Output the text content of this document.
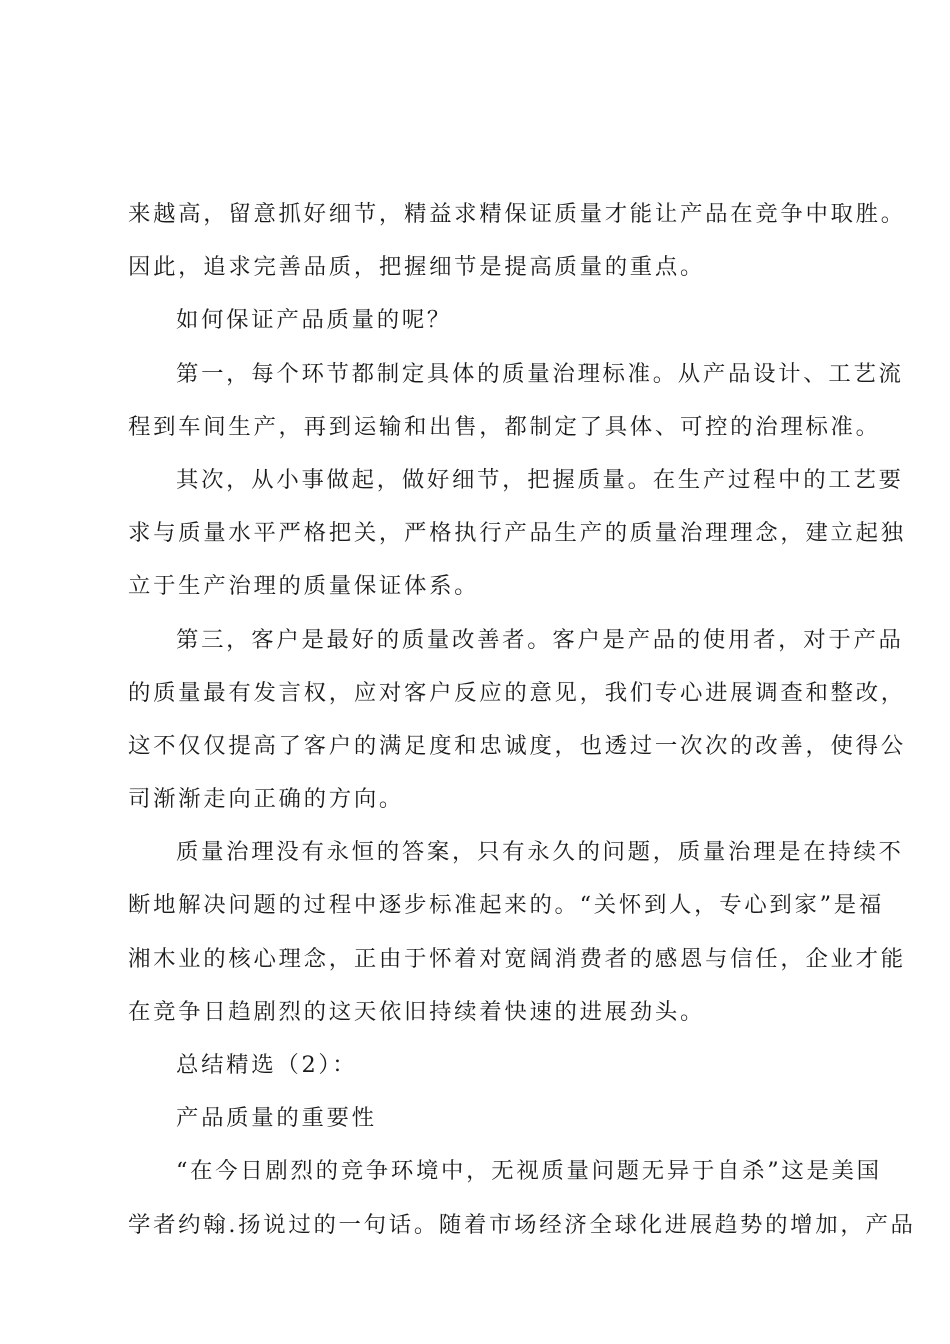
来越高，留意抓好细节，精益求精保证质量才能让产品在竞争中取胜。
因此，追求完善品质，把握细节是提高质量的重点。
如何保证产品质量的呢？
第一，每个环节都制定具体的质量治理标准。从产品设计、工艺流
程到车间生产，再到运输和出售，都制定了具体、可控的治理标准。
其次，从小事做起，做好细节，把握质量。在生产过程中的工艺要
求与质量水平严格把关，严格执行产品生产的质量治理理念，建立起独
立于生产治理的质量保证体系。
第三，客户是最好的质量改善者。客户是产品的使用者，对于产品
的质量最有发言权，应对客户反应的意见，我们专心进展调查和整改，
这不仅仅提高了客户的满足度和忠诚度，也透过一次次的改善，使得公
司渐渐走向正确的方向。
质量治理没有永恒的答案，只有永久的问题，质量治理是在持续不
断地解决问题的过程中逐步标准起来的。“关怀到人，专心到家”是福
湘木业的核心理念，正由于怀着对宽阔消费者的感恩与信任，企业才能
在竞争日趋剧烈的这天依旧持续着快速的进展劲头。
总结精选（2）：
产品质量的重要性
“在今日剧烈的竞争环境中，无视质量问题无异于自杀”这是美国
学者约翰.扬说过的一句话。随着市场经济全球化进展趋势的增加，产品
